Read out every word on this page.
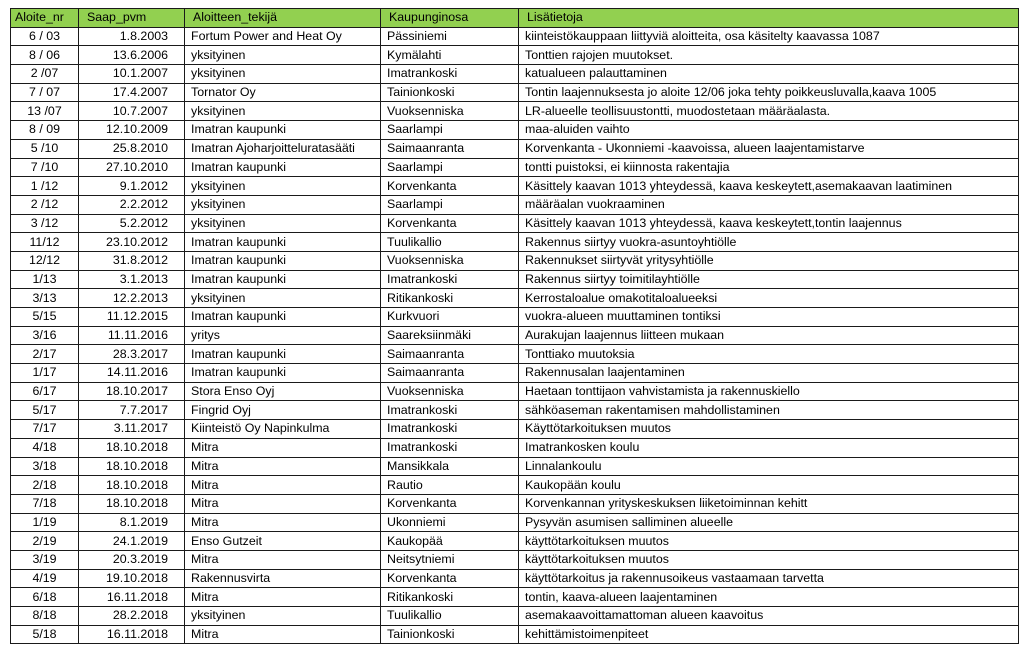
Aloite_nr	Saap_pvm	Aloitteen_tekijä	Kaupunginosa	Lisätietoja
6 / 03	1.8.2003	Fortum Power and Heat Oy	Pässiniemi	kiinteistökauppaan liittyviä aloitteita, osa käsitelty kaavassa 1087
8 / 06	13.6.2006	yksityinen	Kymälahti	Tonttien rajojen muutokset.
2 /07	10.1.2007	yksityinen	Imatrankoski	katualueen palauttaminen
7 / 07	17.4.2007	Tornator Oy	Tainionkoski	Tontin laajennuksesta jo aloite 12/06 joka tehty poikkeusluvalla,kaava 1005
13 /07	10.7.2007	yksityinen	Vuoksenniska	LR-alueelle teollisuustontti, muodostetaan määräalasta.
8 / 09	12.10.2009	Imatran kaupunki	Saarlampi	maa-aluiden vaihto
5 /10	25.8.2010	Imatran Ajoharjoitteluratasääti	Saimaanranta	Korvenkanta - Ukonniemi -kaavoissa, alueen laajentamistarve
7 /10	27.10.2010	Imatran kaupunki	Saarlampi	tontti puistoksi, ei kiinnosta rakentajia
1 /12	9.1.2012	yksityinen	Korvenkanta	Käsittely kaavan 1013 yhteydessä, kaava keskeytett,asemakaavan laatiminen
2 /12	2.2.2012	yksityinen	Saarlampi	määräalan vuokraaminen
3 /12	5.2.2012	yksityinen	Korvenkanta	Käsittely kaavan 1013 yhteydessä, kaava keskeytett,tontin laajennus
11/12	23.10.2012	Imatran kaupunki	Tuulikallio	Rakennus siirtyy vuokra-asuntoyhtiölle
12/12	31.8.2012	Imatran kaupunki	Vuoksenniska	Rakennukset siirtyvät yritysyhtiölle
1/13	3.1.2013	Imatran kaupunki	Imatrankoski	Rakennus siirtyy toimitilayhtiölle
3/13	12.2.2013	yksityinen	Ritikankoski	Kerrostaloalue omakotitaloalueeksi
5/15	11.12.2015	Imatran kaupunki	Kurkvuori	vuokra-alueen muuttaminen tontiksi
3/16	11.11.2016	yritys	Saareksiinmäki	Aurakujan laajennus liitteen mukaan
2/17	28.3.2017	Imatran kaupunki	Saimaanranta	Tonttiako muutoksia
1/17	14.11.2016	Imatran kaupunki	Saimaanranta	Rakennusalan laajentaminen
6/17	18.10.2017	Stora Enso Oyj	Vuoksenniska	Haetaan tonttijaon vahvistamista ja rakennuskiello
5/17	7.7.2017	Fingrid Oyj	Imatrankoski	sähköaseman rakentamisen mahdollistaminen
7/17	3.11.2017	Kiinteistö Oy Napinkulma	Imatrankoski	Käyttötarkoituksen muutos
4/18	18.10.2018	Mitra	Imatrankoski	Imatrankosken koulu
3/18	18.10.2018	Mitra	Mansikkala	Linnalankoulu
2/18	18.10.2018	Mitra	Rautio	Kaukopään koulu
7/18	18.10.2018	Mitra	Korvenkanta	Korvenkannan yrityskeskuksen liiketoiminnan kehitt
1/19	8.1.2019	Mitra	Ukonniemi	Pysyvän asumisen salliminen alueelle
2/19	24.1.2019	Enso Gutzeit	Kaukopää	käyttötarkoituksen muutos
3/19	20.3.2019	Mitra	Neitsytniemi	käyttötarkoituksen muutos
4/19	19.10.2018	Rakennusvirta	Korvenkanta	käyttötarkoitus ja rakennusoikeus vastaamaan tarvetta
6/18	16.11.2018	Mitra	Ritikankoski	tontin, kaava-alueen laajentaminen
8/18	28.2.2018	yksityinen	Tuulikallio	asemakaavoittamattoman alueen kaavoitus
5/18	16.11.2018	Mitra	Tainionkoski	kehittämistoimenpiteet
